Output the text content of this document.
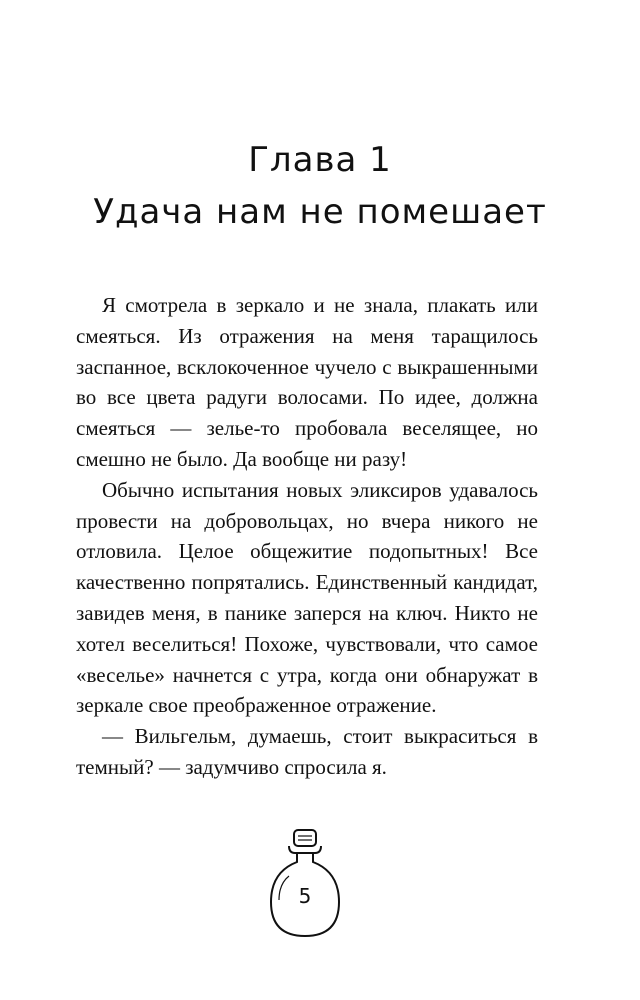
Глава 1
Удача нам не помешает

Я смотрела в зеркало и не знала, плакать или смеяться. Из отражения на меня таращилось заспанное, всклокоченное чучело с выкрашенными во все цвета радуги волосами. По идее, должна смеяться — зелье-то пробовала веселящее, но смешно не было. Да вообще ни разу!

Обычно испытания новых эликсиров удавалось провести на добровольцах, но вчера никого не отловила. Целое общежитие подопытных! Все качественно попрятались. Единственный кандидат, завидев меня, в панике заперся на ключ. Никто не хотел веселиться! Похоже, чувствовали, что самое «веселье» начнется с утра, когда они обнаружат в зеркале свое преображенное отражение.

— Вильгельм, думаешь, стоит выкраситься в темный? — задумчиво спросила я.

5
